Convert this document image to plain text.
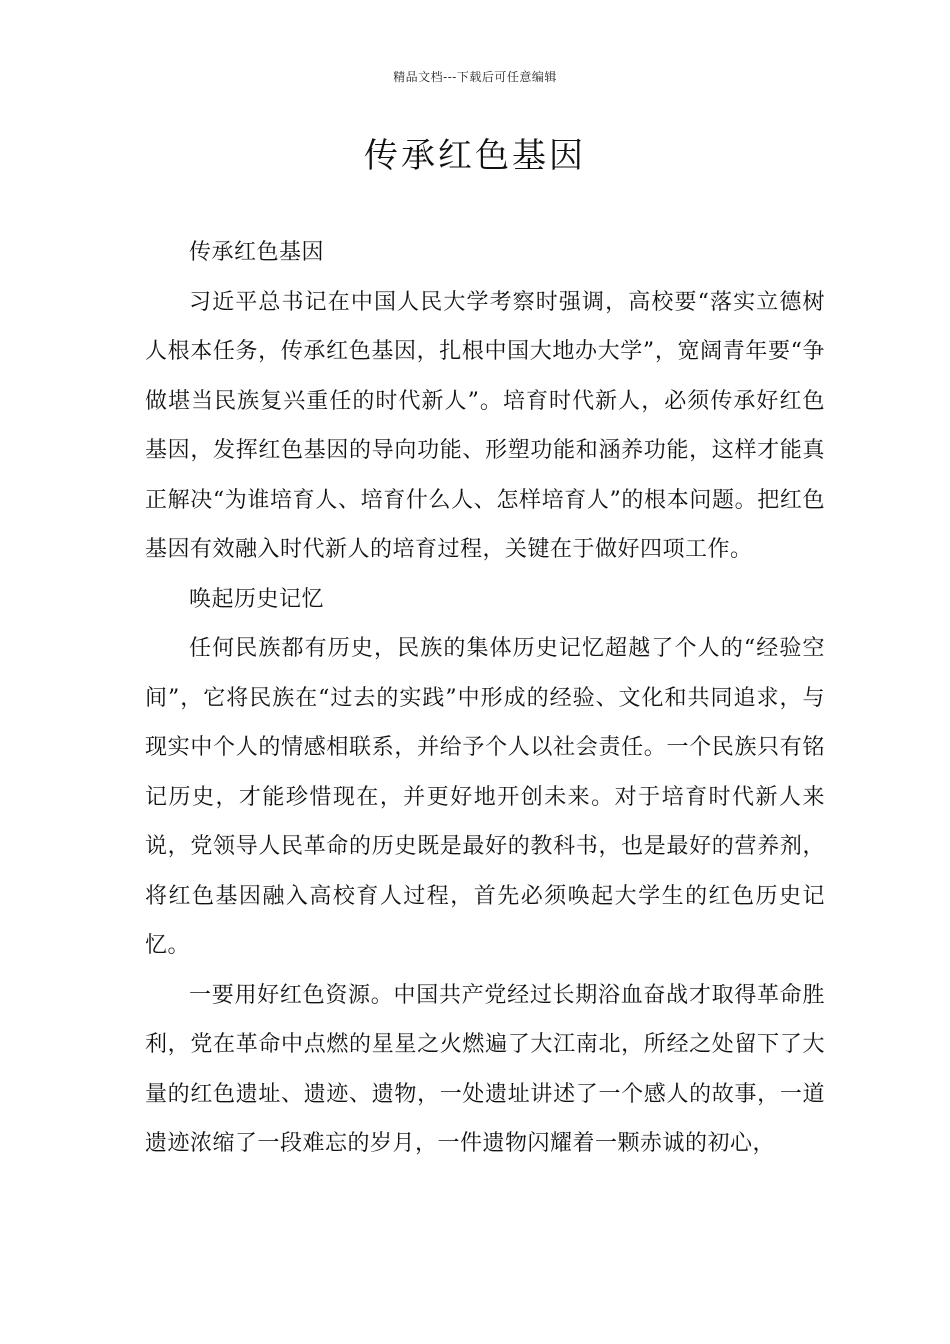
精品文档---下载后可任意编辑
传承红色基因

传承红色基因

习近平总书记在中国人民大学考察时强调，高校要“落实立德树人根本任务，传承红色基因，扎根中国大地办大学”，宽阔青年要“争做堪当民族复兴重任的时代新人”。培育时代新人，必须传承好红色基因，发挥红色基因的导向功能、形塑功能和涵养功能，这样才能真正解决“为谁培育人、培育什么人、怎样培育人”的根本问题。把红色基因有效融入时代新人的培育过程，关键在于做好四项工作。

唤起历史记忆

任何民族都有历史，民族的集体历史记忆超越了个人的“经验空间”，它将民族在“过去的实践”中形成的经验、文化和共同追求，与现实中个人的情感相联系，并给予个人以社会责任。一个民族只有铭记历史，才能珍惜现在，并更好地开创未来。对于培育时代新人来说，党领导人民革命的历史既是最好的教科书，也是最好的营养剂，将红色基因融入高校育人过程，首先必须唤起大学生的红色历史记忆。

一要用好红色资源。中国共产党经过长期浴血奋战才取得革命胜利，党在革命中点燃的星星之火燃遍了大江南北，所经之处留下了大量的红色遗址、遗迹、遗物，一处遗址讲述了一个感人的故事，一道遗迹浓缩了一段难忘的岁月，一件遗物闪耀着一颗赤诚的初心，
